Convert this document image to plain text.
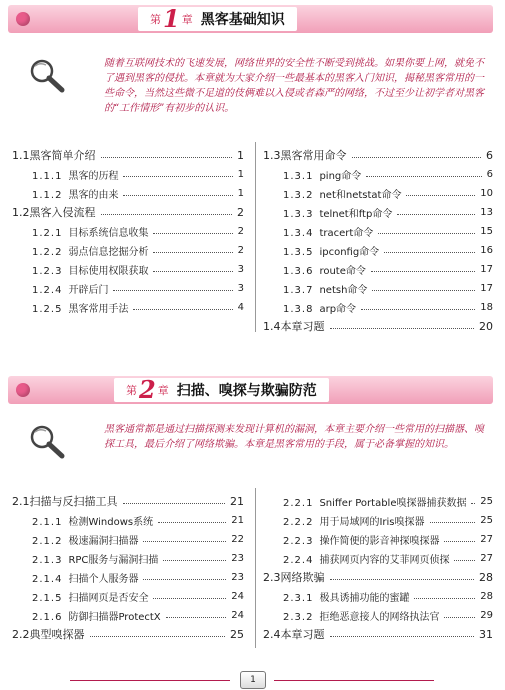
第 1 章 黑客基础知识

随着互联网技术的飞速发展，网络世界的安全性不断受到挑战。如果你要上网，就免不了遇到黑客的侵扰。本章就为大家介绍一些最基本的黑客入门知识，揭秘黑客常用的一些命令，当然这些微不足道的伎俩难以入侵或者森严的网络，不过至少让初学者对黑客的“工作情形”有初步的认识。

1.1黑客简单介绍	1
1.1.1 黑客的历程	1
1.1.2 黑客的由来	1
1.2黑客入侵流程	2
1.2.1 目标系统信息收集	2
1.2.2 弱点信息挖掘分析	2
1.2.3 目标使用权限获取	3
1.2.4 开辟后门	3
1.2.5 黑客常用手法	4
1.3黑客常用命令	6
1.3.1 ping命令	6
1.3.2 net和netstat命令	10
1.3.3 telnet和ftp命令	13
1.3.4 tracert命令	15
1.3.5 ipconfig命令	16
1.3.6 route命令	17
1.3.7 netsh命令	17
1.3.8 arp命令	18
1.4本章习题	20
第 2 章 扫描、嗅探与欺骗防范

黑客通常都是通过扫描探测来发现计算机的漏洞，本章主要介绍一些常用的扫描器、嗅探工具，最后介绍了网络欺骗。本章是黑客常用的手段，属于必备掌握的知识。

2.1扫描与反扫描工具	21
2.1.1 检测Windows系统	21
2.1.2 极速漏洞扫描器	22
2.1.3 RPC服务与漏洞扫描	23
2.1.4 扫描个人服务器	23
2.1.5 扫描网页是否安全	24
2.1.6 防御扫描器ProtectX	24
2.2典型嗅探器	25
2.2.1 Sniffer Portable嗅探器捕获数据 25
2.2.2 用于局域网的Iris嗅探器	25
2.2.3 操作简便的影音神探嗅探器	27
2.2.4 捕获网页内容的艾菲网页侦探	27
2.3网络欺骗	28
2.3.1 极具诱捕功能的蜜罐	28
2.3.2 拒绝恶意接人的网络执法官	29
2.4本章习题	31
1
